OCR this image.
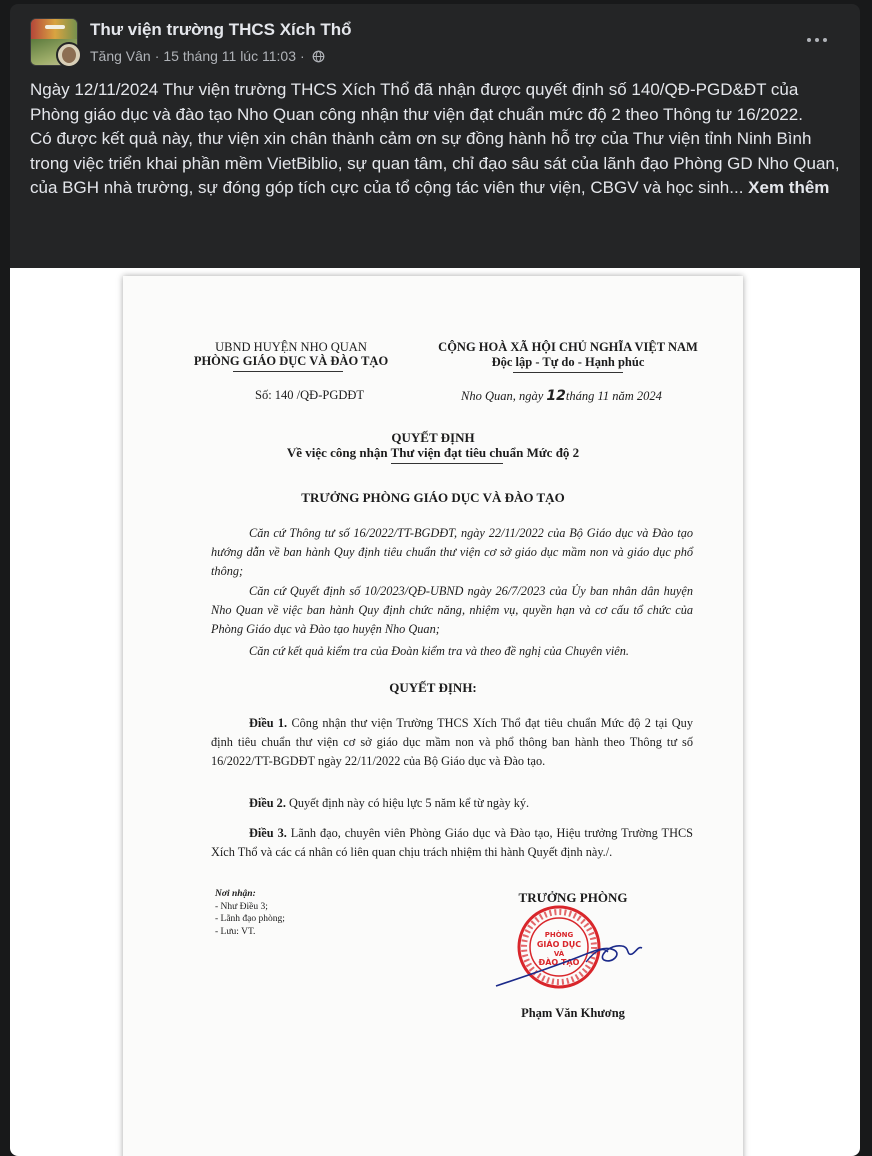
Thư viện trường THCS Xích Thổ
Tăng Vân · 15 tháng 11 lúc 11:03 ·

Ngày 12/11/2024 Thư viện trường THCS Xích Thổ đã nhận được quyết định số 140/QĐ-PGD&ĐT của Phòng giáo dục và đào tạo Nho Quan công nhận thư viện đạt chuẩn mức độ 2 theo Thông tư 16/2022.

Có được kết quả này, thư viện xin chân thành cảm ơn sự đồng hành hỗ trợ của Thư viện tỉnh Ninh Bình trong việc triển khai phần mềm VietBiblio, sự quan tâm, chỉ đạo sâu sát của lãnh đạo Phòng GD Nho Quan, của BGH nhà trường, sự đóng góp tích cực của tổ cộng tác viên thư viện, CBGV và học sinh... Xem thêm

UBND HUYỆN NHO QUAN
PHÒNG GIÁO DỤC VÀ ĐÀO TẠO
CỘNG HOÀ XÃ HỘI CHỦ NGHĨA VIỆT NAM
Độc lập - Tự do - Hạnh phúc
Số: 140 /QĐ-PGDĐT	Nho Quan, ngày 12tháng 11 năm 2024
QUYẾT ĐỊNH
Về việc công nhận Thư viện đạt tiêu chuẩn Mức độ 2
TRƯỞNG PHÒNG GIÁO DỤC VÀ ĐÀO TẠO
Căn cứ Thông tư số 16/2022/TT-BGDĐT, ngày 22/11/2022 của Bộ Giáo dục và Đào tạo hướng dẫn về ban hành Quy định tiêu chuẩn thư viện cơ sở giáo dục mầm non và giáo dục phổ thông;
Căn cứ Quyết định số 10/2023/QĐ-UBND ngày 26/7/2023 của Ủy ban nhân dân huyện Nho Quan về việc ban hành Quy định chức năng, nhiệm vụ, quyền hạn và cơ cấu tổ chức của Phòng Giáo dục và Đào tạo huyện Nho Quan;
Căn cứ kết quả kiểm tra của Đoàn kiểm tra và theo đề nghị của Chuyên viên.
QUYẾT ĐỊNH:
Điều 1. Công nhận thư viện Trường THCS Xích Thổ đạt tiêu chuẩn Mức độ 2 tại Quy định tiêu chuẩn thư viện cơ sở giáo dục mầm non và phổ thông ban hành theo Thông tư số 16/2022/TT-BGDĐT ngày 22/11/2022 của Bộ Giáo dục và Đào tạo.
Điều 2. Quyết định này có hiệu lực 5 năm kể từ ngày ký.
Điều 3. Lãnh đạo, chuyên viên Phòng Giáo dục và Đào tạo, Hiệu trưởng Trường THCS Xích Thổ và các cá nhân có liên quan chịu trách nhiệm thi hành Quyết định này./.
Nơi nhận:
- Như Điều 3;
- Lãnh đạo phòng;
- Lưu: VT.
TRƯỞNG PHÒNG
PHÒNG
GIÁO DỤC
VÀ
ĐÀO TẠO
Phạm Văn Khương
